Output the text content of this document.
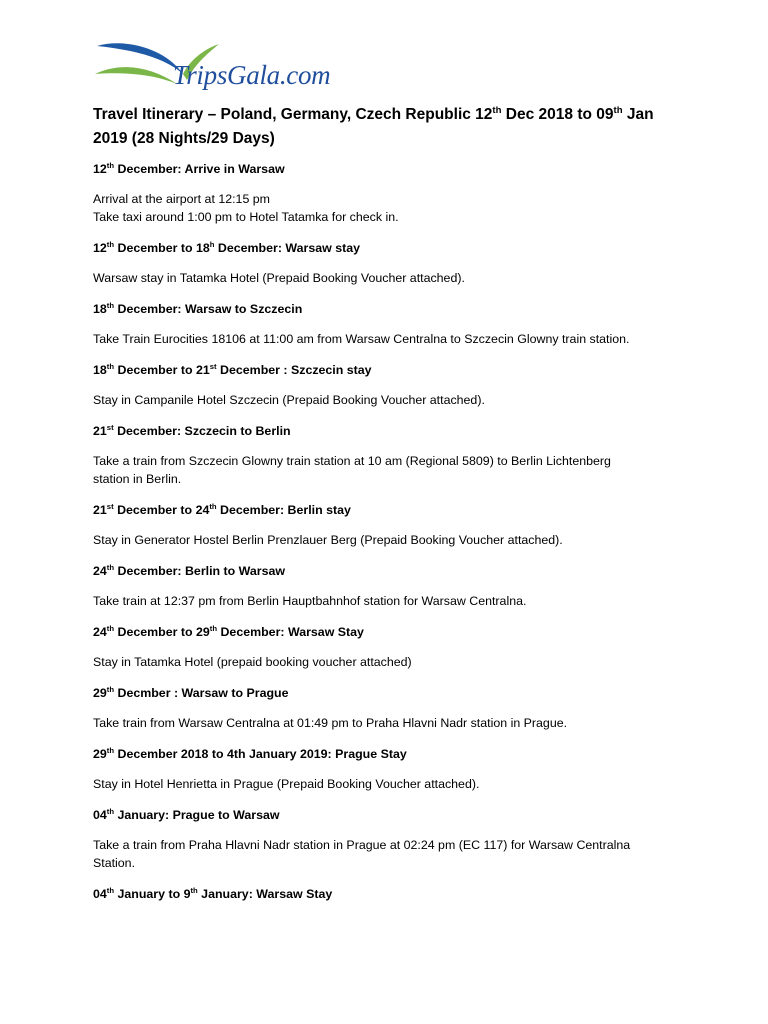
TripsGala.com

Travel Itinerary – Poland, Germany, Czech Republic 12th Dec 2018 to 09th Jan 2019 (28 Nights/29 Days)

12th December: Arrive in Warsaw

Arrival at the airport at 12:15 pm

Take taxi around 1:00 pm to Hotel Tatamka for check in.

12th December to 18$^h$ December: Warsaw stay

Warsaw stay in Tatamka Hotel (Prepaid Booking Voucher attached).

18th December: Warsaw to Szczecin

Take Train Eurocities 18106 at 11:00 am from Warsaw Centralna to Szczecin Glowny train station.

18th December to 21st December : Szczecin stay

Stay in Campanile Hotel Szczecin (Prepaid Booking Voucher attached).

21st December: Szczecin to Berlin

Take a train from Szczecin Glowny train station at 10 am (Regional 5809) to Berlin Lichtenberg

station in Berlin.

21st December to 24th December: Berlin stay

Stay in Generator Hostel Berlin Prenzlauer Berg (Prepaid Booking Voucher attached).

24th December: Berlin to Warsaw

Take train at 12:37 pm from Berlin Hauptbahnhof station for Warsaw Centralna.

24th December to 29th December: Warsaw Stay

Stay in Tatamka Hotel (prepaid booking voucher attached)

29th Decmber : Warsaw to Prague

Take train from Warsaw Centralna at 01:49 pm to Praha Hlavni Nadr station in Prague.

29th December 2018 to 4th January 2019: Prague Stay

Stay in Hotel Henrietta in Prague (Prepaid Booking Voucher attached).

04th January: Prague to Warsaw

Take a train from Praha Hlavni Nadr station in Prague at 02:24 pm (EC 117) for Warsaw Centralna

Station.

04th January to 9th January: Warsaw Stay
